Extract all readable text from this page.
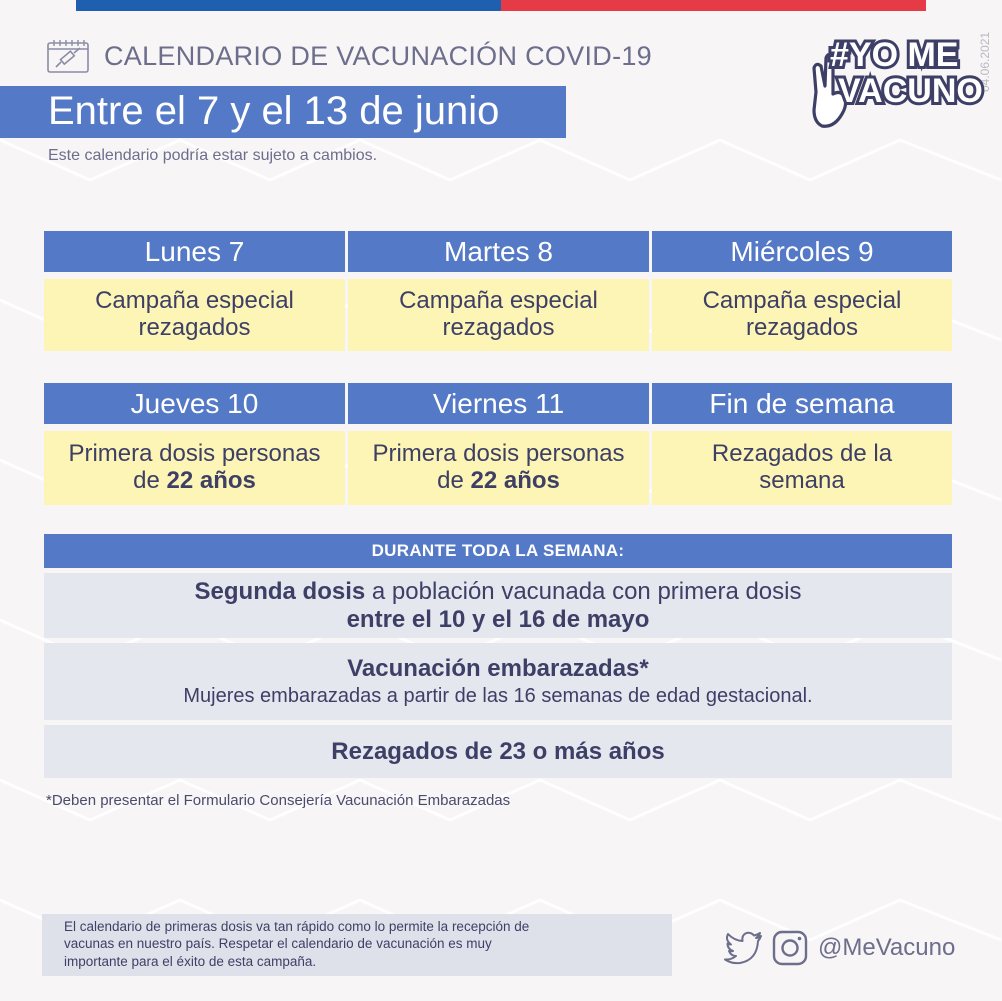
CALENDARIO DE VACUNACIÓN COVID-19
Entre el 7 y el 13 de junio
Este calendario podría estar sujeto a cambios.
04.06.2021
#YO ME
VACUNO
Lunes 7
Campaña especial
rezagados
Martes 8
Campaña especial
rezagados
Miércoles 9
Campaña especial
rezagados
Jueves 10
Primera dosis personas
de 22 años
Viernes 11
Primera dosis personas
de 22 años
Fin de semana
Rezagados de la
semana
DURANTE TODA LA SEMANA:
Segunda dosis a población vacunada con primera dosis
entre el 10 y el 16 de mayo
Vacunación embarazadas*
Mujeres embarazadas a partir de las 16 semanas de edad gestacional.
Rezagados de 23 o más años
*Deben presentar el Formulario Consejería Vacunación Embarazadas
El calendario de primeras dosis va tan rápido como lo permite la recepción de
vacunas en nuestro país. Respetar el calendario de vacunación es muy
importante para el éxito de esta campaña.
@MeVacuno
